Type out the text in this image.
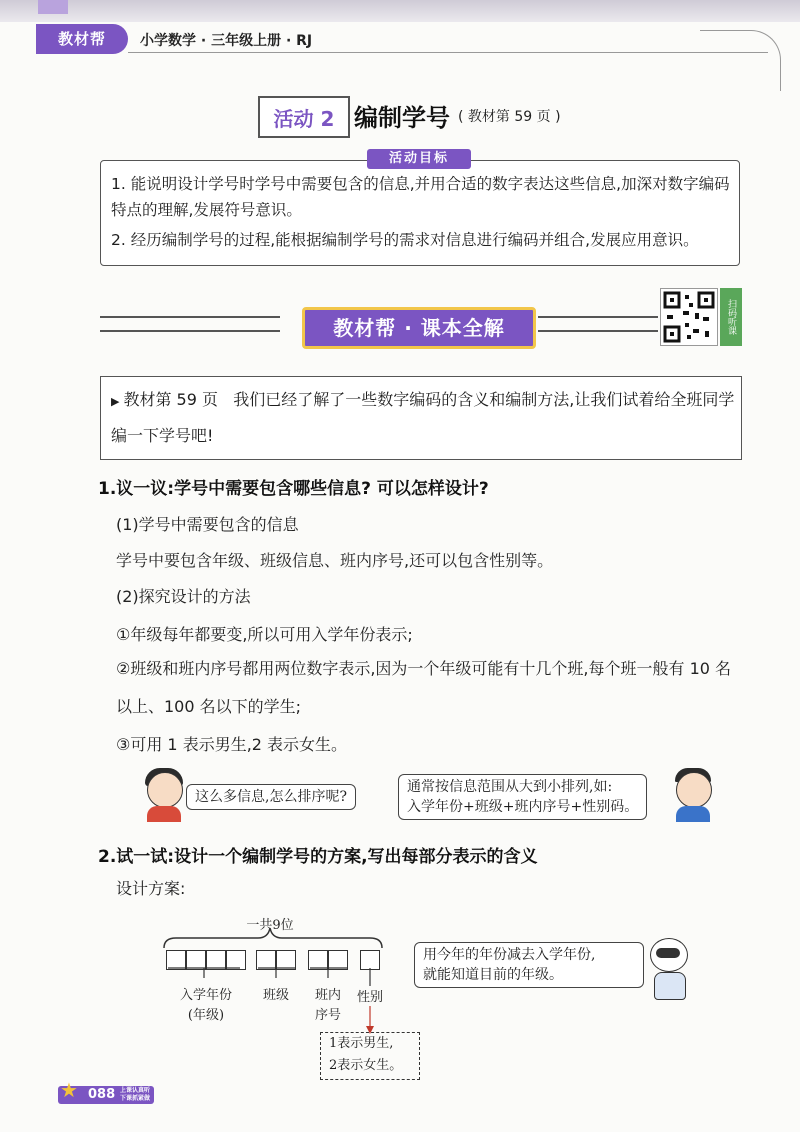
教材帮	小学数学 · 三年级上册 · RJ
活动 2 编制学号 ( 教材第 59 页 )
1. 能说明设计学号时学号中需要包含的信息,并用合适的数字表达这些信息,加深对数字编码特点的理解,发展符号意识。
2. 经历编制学号的过程,能根据编制学号的需求对信息进行编码并组合,发展应用意识。
活动目标
教材帮 · 课本全解	扫码听课
▶ 教材第 59 页 我们已经了解了一些数字编码的含义和编制方法,让我们试着给全班同学编一下学号吧!
1.议一议:学号中需要包含哪些信息? 可以怎样设计?
(1)学号中需要包含的信息
学号中要包含年级、班级信息、班内序号,还可以包含性别等。
(2)探究设计的方法
①年级每年都要变,所以可用入学年份表示;
②班级和班内序号都用两位数字表示,因为一个年级可能有十几个班,每个班一般有 10 名以上、100 名以下的学生;
③可用 1 表示男生,2 表示女生。
这么多信息,怎么排序呢?
通常按信息范围从大到小排列,如:
入学年份+班级+班内序号+性别码。
2.试一试:设计一个编制学号的方案,写出每部分表示的含义
设计方案:
一共9位
入学年份
(年级)
班级	班内
序号
性别
1表示男生,
2表示女生。
用今年的年份减去入学年份,
就能知道目前的年级。
088 上课认真听
下课抓紧做
★
